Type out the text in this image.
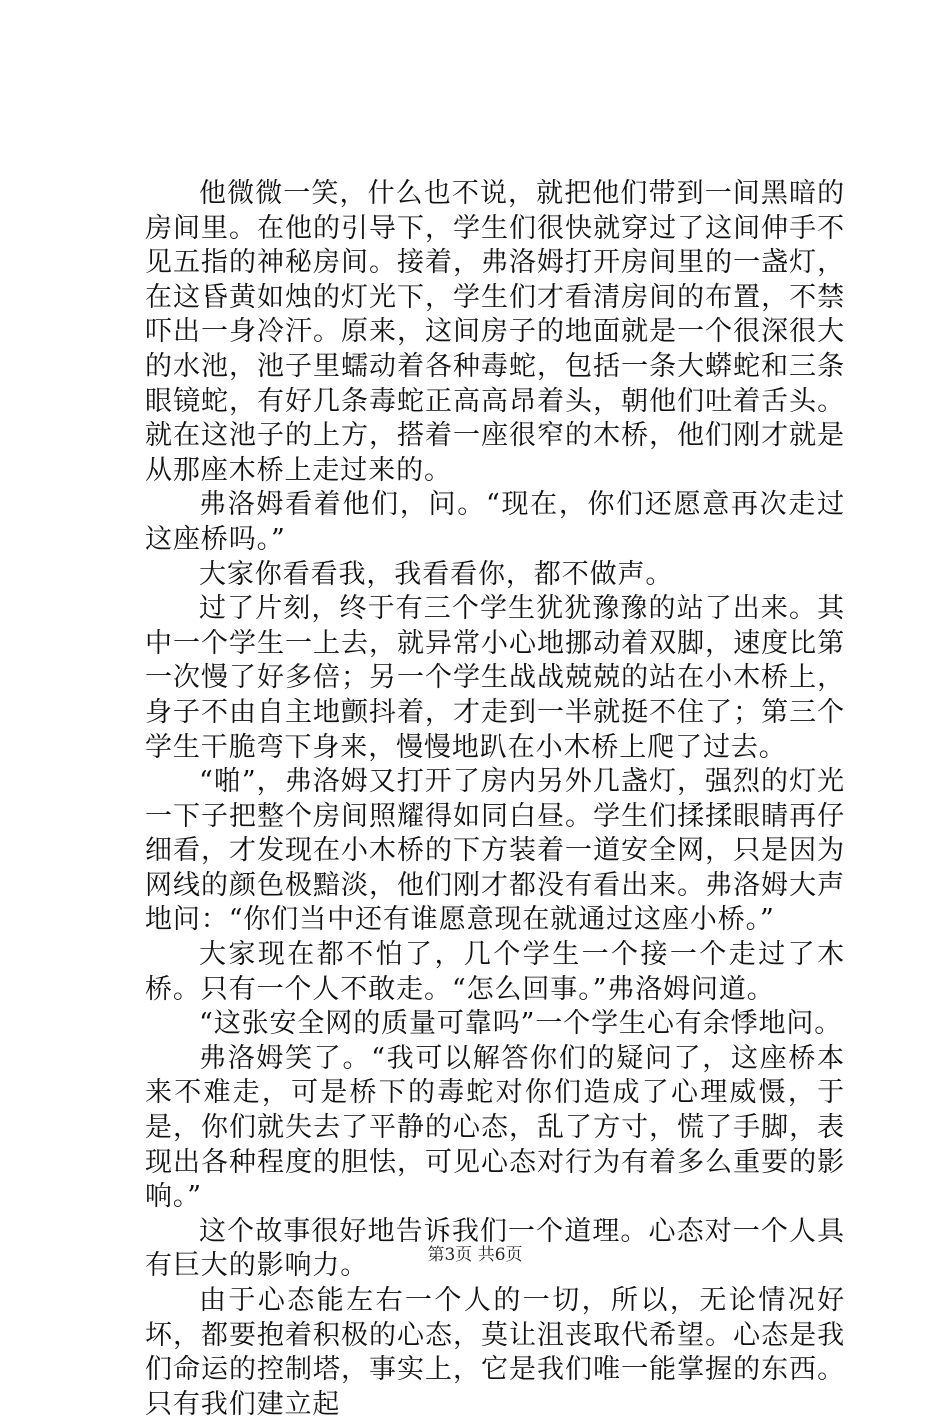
他微微一笑，什么也不说，就把他们带到一间黑暗的房间里。在他的引导下，学生们很快就穿过了这间伸手不见五指的神秘房间。接着，弗洛姆打开房间里的一盏灯，在这昏黄如烛的灯光下，学生们才看清房间的布置，不禁吓出一身冷汗。原来，这间房子的地面就是一个很深很大的水池，池子里蠕动着各种毒蛇，包括一条大蟒蛇和三条眼镜蛇，有好几条毒蛇正高高昂着头，朝他们吐着舌头。就在这池子的上方，搭着一座很窄的木桥，他们刚才就是从那座木桥上走过来的。

弗洛姆看着他们，问。“现在，你们还愿意再次走过这座桥吗。”

大家你看看我，我看看你，都不做声。

过了片刻，终于有三个学生犹犹豫豫的站了出来。其中一个学生一上去，就异常小心地挪动着双脚，速度比第一次慢了好多倍；另一个学生战战兢兢的站在小木桥上，身子不由自主地颤抖着，才走到一半就挺不住了；第三个学生干脆弯下身来，慢慢地趴在小木桥上爬了过去。

“啪”，弗洛姆又打开了房内另外几盏灯，强烈的灯光一下子把整个房间照耀得如同白昼。学生们揉揉眼睛再仔细看，才发现在小木桥的下方装着一道安全网，只是因为网线的颜色极黯淡，他们刚才都没有看出来。弗洛姆大声地问：“你们当中还有谁愿意现在就通过这座小桥。”

大家现在都不怕了，几个学生一个接一个走过了木桥。只有一个人不敢走。“怎么回事。”弗洛姆问道。

“这张安全网的质量可靠吗”一个学生心有余悸地问。

弗洛姆笑了。“我可以解答你们的疑问了，这座桥本来不难走，可是桥下的毒蛇对你们造成了心理威慑，于是，你们就失去了平静的心态，乱了方寸，慌了手脚，表现出各种程度的胆怯，可见心态对行为有着多么重要的影响。”

这个故事很好地告诉我们一个道理。心态对一个人具有巨大的影响力。

由于心态能左右一个人的一切，所以，无论情况好坏，都要抱着积极的心态，莫让沮丧取代希望。心态是我们命运的控制塔，事实上，它是我们唯一能掌握的东西。只有我们建立起

第3页 共6页
